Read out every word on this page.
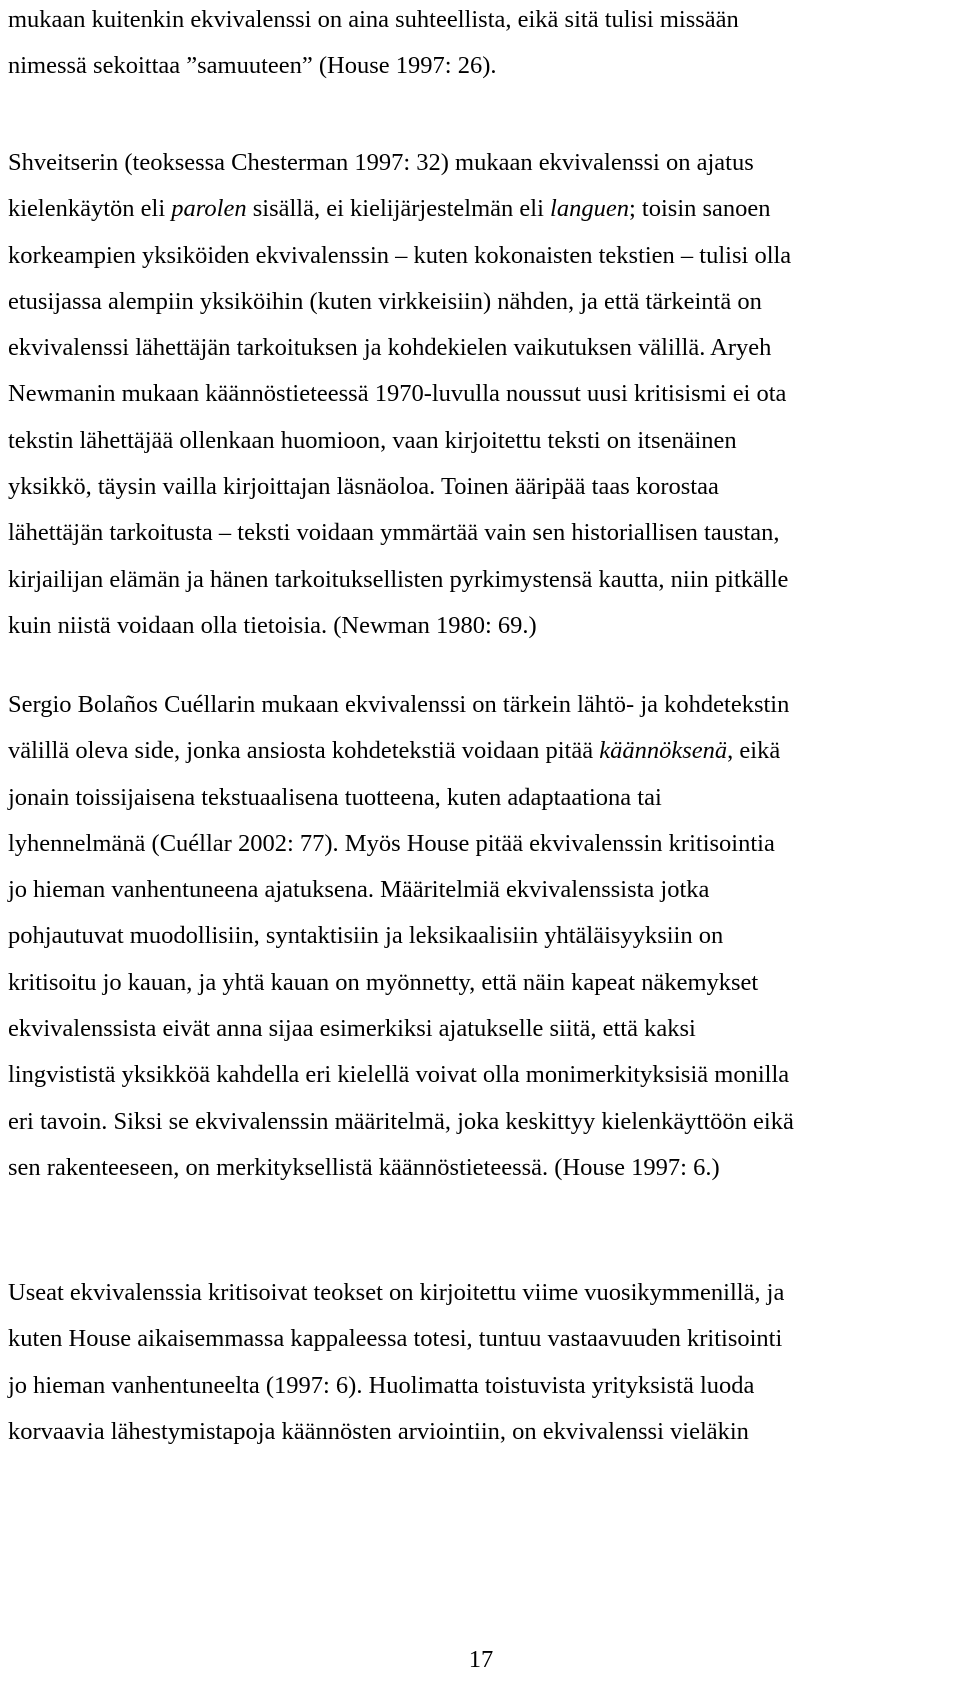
mukaan kuitenkin ekvivalenssi on aina suhteellista, eikä sitä tulisi missään
nimessä sekoittaa ”samuuteen” (House 1997: 26).

Shveitserin (teoksessa Chesterman 1997: 32) mukaan ekvivalenssi on ajatus
kielenkäytön eli parolen sisällä, ei kielijärjestelmän eli languen; toisin sanoen
korkeampien yksiköiden ekvivalenssin – kuten kokonaisten tekstien – tulisi olla
etusijassa alempiin yksiköihin (kuten virkkeisiin) nähden, ja että tärkeintä on
ekvivalenssi lähettäjän tarkoituksen ja kohdekielen vaikutuksen välillä. Aryeh
Newmanin mukaan käännöstieteessä 1970-luvulla noussut uusi kritisismi ei ota
tekstin lähettäjää ollenkaan huomioon, vaan kirjoitettu teksti on itsenäinen
yksikkö, täysin vailla kirjoittajan läsnäoloa. Toinen ääripää taas korostaa
lähettäjän tarkoitusta – teksti voidaan ymmärtää vain sen historiallisen taustan,
kirjailijan elämän ja hänen tarkoituksellisten pyrkimystensä kautta, niin pitkälle
kuin niistä voidaan olla tietoisia. (Newman 1980: 69.)

Sergio Bolaños Cuéllarin mukaan ekvivalenssi on tärkein lähtö- ja kohdetekstin
välillä oleva side, jonka ansiosta kohdetekstiä voidaan pitää käännöksenä, eikä
jonain toissijaisena tekstuaalisena tuotteena, kuten adaptaationa tai
lyhennelmänä (Cuéllar 2002: 77). Myös House pitää ekvivalenssin kritisointia
jo hieman vanhentuneena ajatuksena. Määritelmiä ekvivalenssista jotka
pohjautuvat muodollisiin, syntaktisiin ja leksikaalisiin yhtäläisyyksiin on
kritisoitu jo kauan, ja yhtä kauan on myönnetty, että näin kapeat näkemykset
ekvivalenssista eivät anna sijaa esimerkiksi ajatukselle siitä, että kaksi
lingvististä yksikköä kahdella eri kielellä voivat olla monimerkityksisiä monilla
eri tavoin. Siksi se ekvivalenssin määritelmä, joka keskittyy kielenkäyttöön eikä
sen rakenteeseen, on merkityksellistä käännöstieteessä. (House 1997: 6.)

Useat ekvivalenssia kritisoivat teokset on kirjoitettu viime vuosikymmenillä, ja
kuten House aikaisemmassa kappaleessa totesi, tuntuu vastaavuuden kritisointi
jo hieman vanhentuneelta (1997: 6). Huolimatta toistuvista yrityksistä luoda
korvaavia lähestymistapoja käännösten arviointiin, on ekvivalenssi vieläkin

17
